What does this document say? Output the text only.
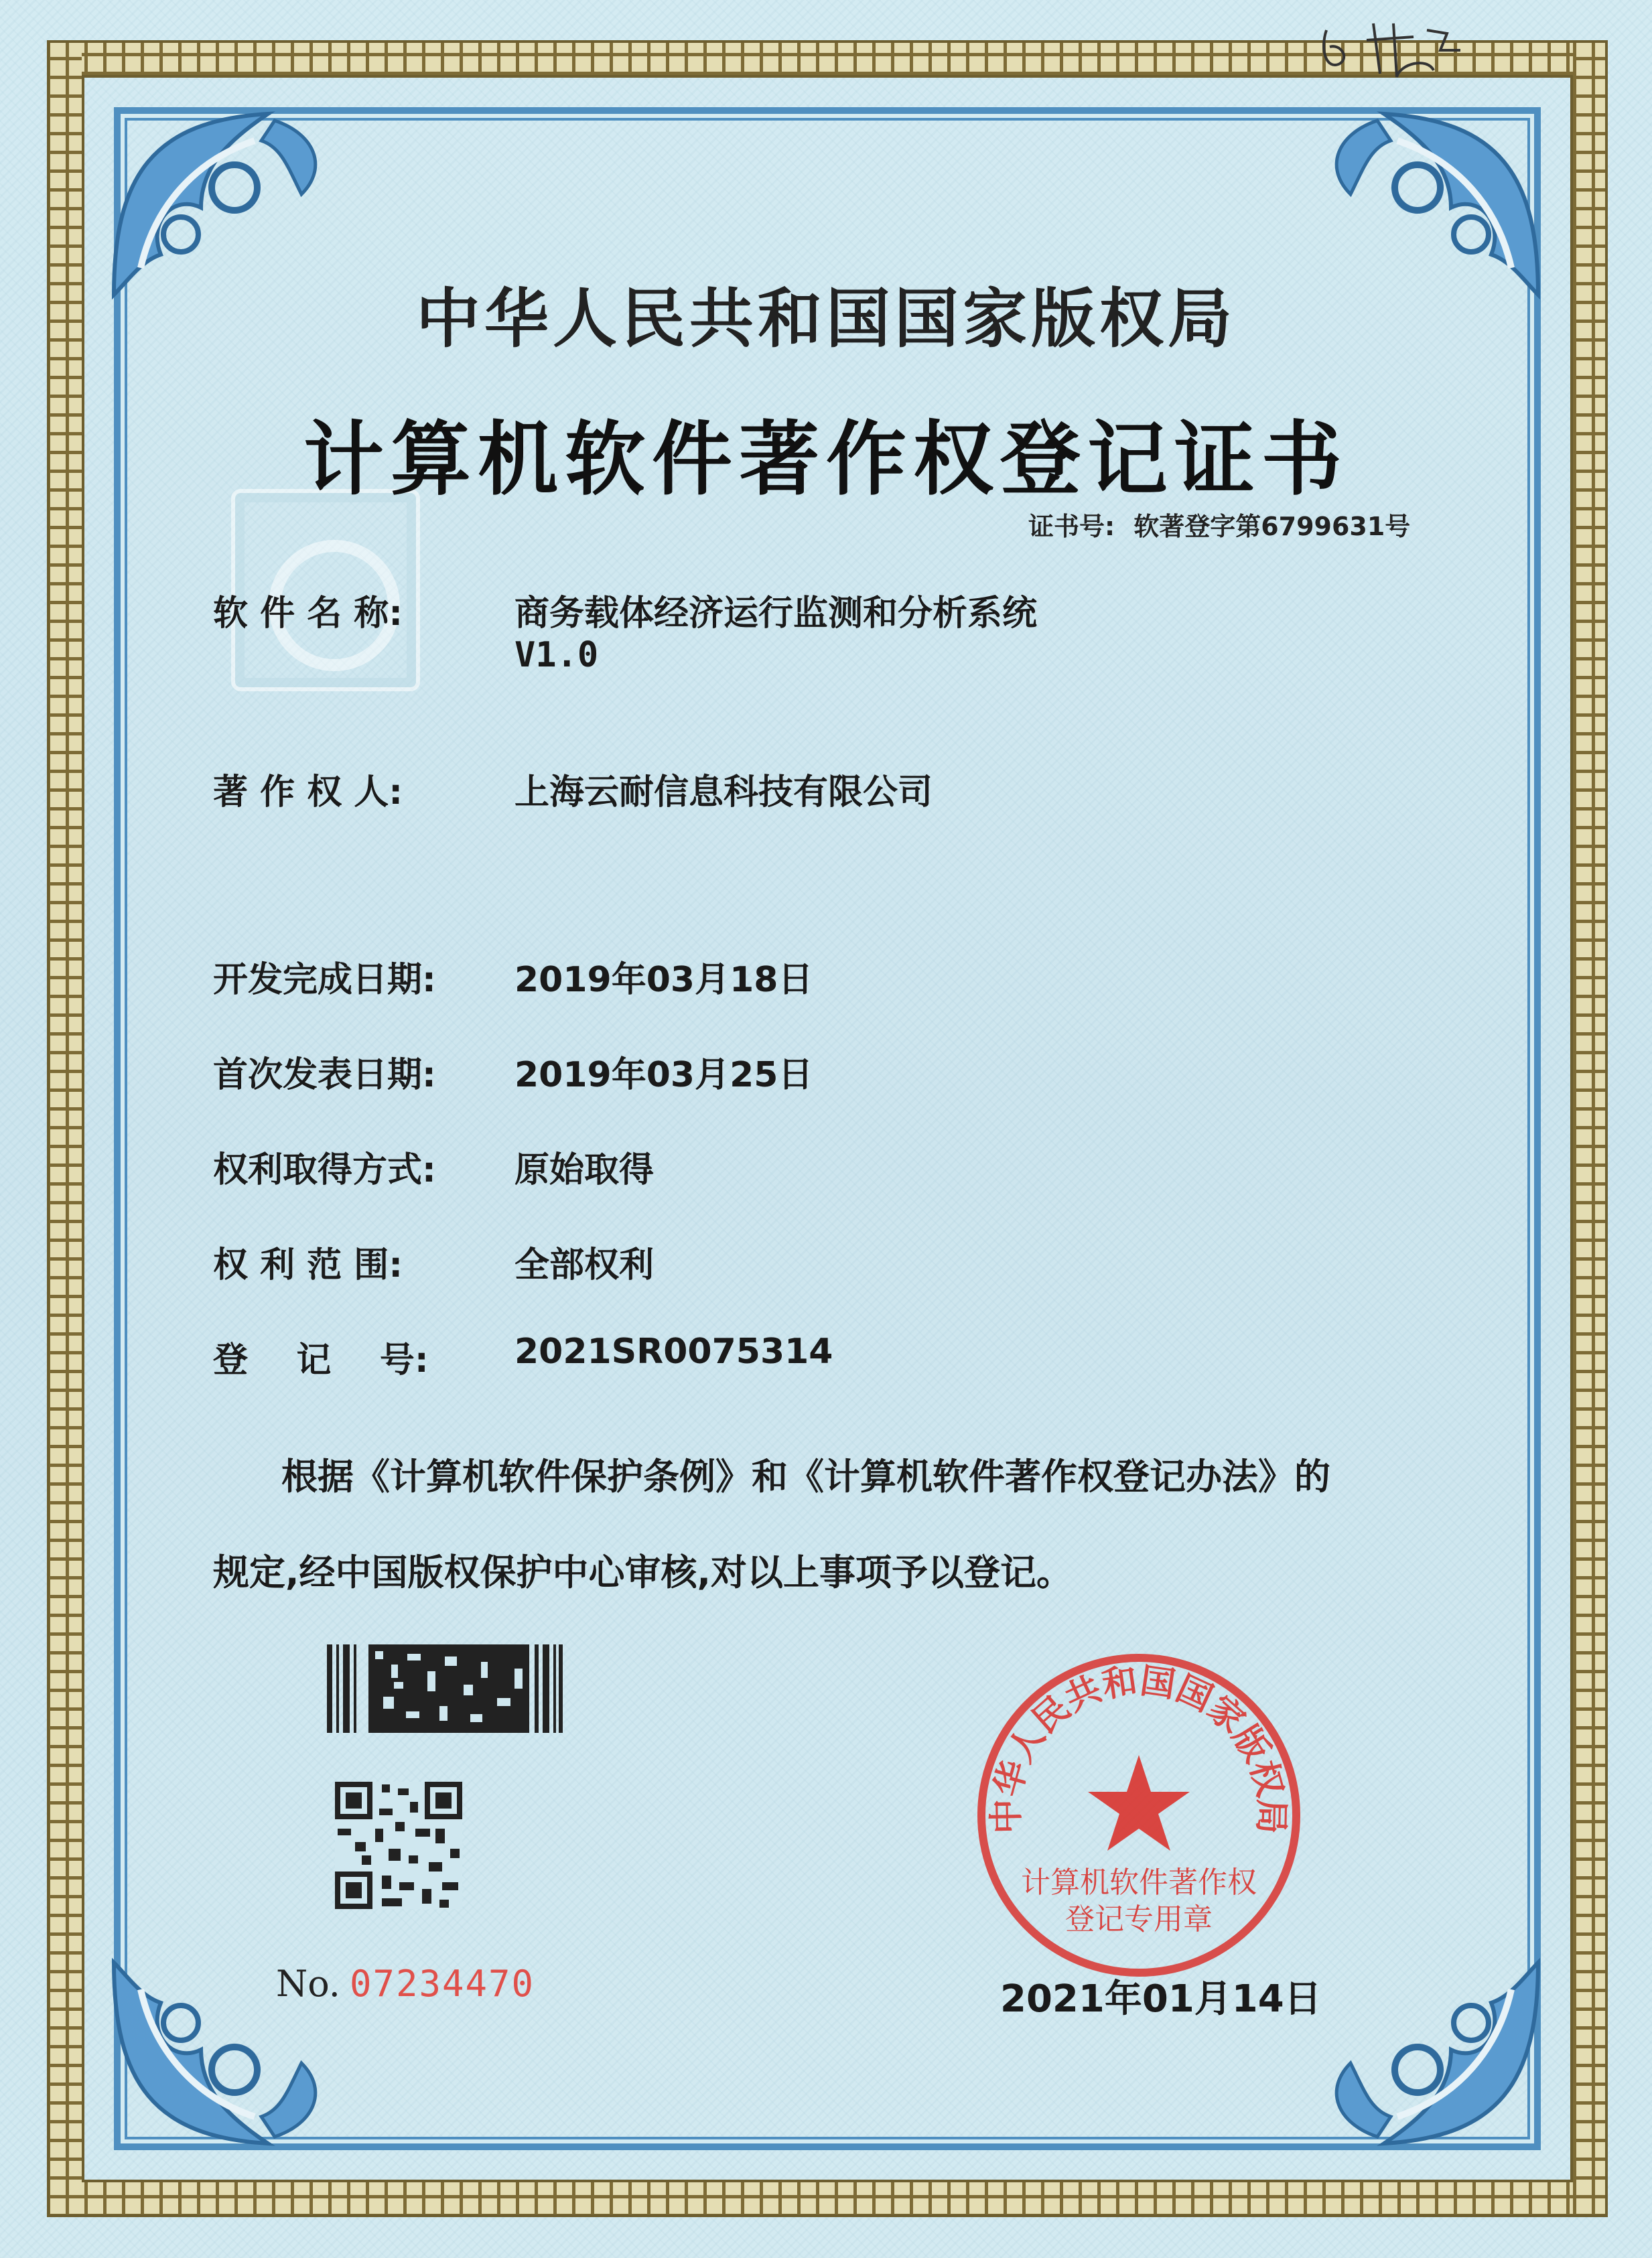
中华人民共和国国家版权局
计算机软件著作权登记证书
证书号: 软著登字第6799631号
软 件 名 称:	商务载体经济运行监测和分析系统
V1.0
著 作 权 人:	上海云耐信息科技有限公司
开发完成日期: 2019年03月18日
首次发表日期: 2019年03月25日
权利取得方式: 原始取得
权 利 范 围:	全部权利
登    记    号: 2021SR0075314
根据《计算机软件保护条例》和《计算机软件著作权登记办法》的
规定,经中国版权保护中心审核,对以上事项予以登记。
No. 07234470
中华人民共和国国家版权局
计算机软件著作权
登记专用章
2021年01月14日
